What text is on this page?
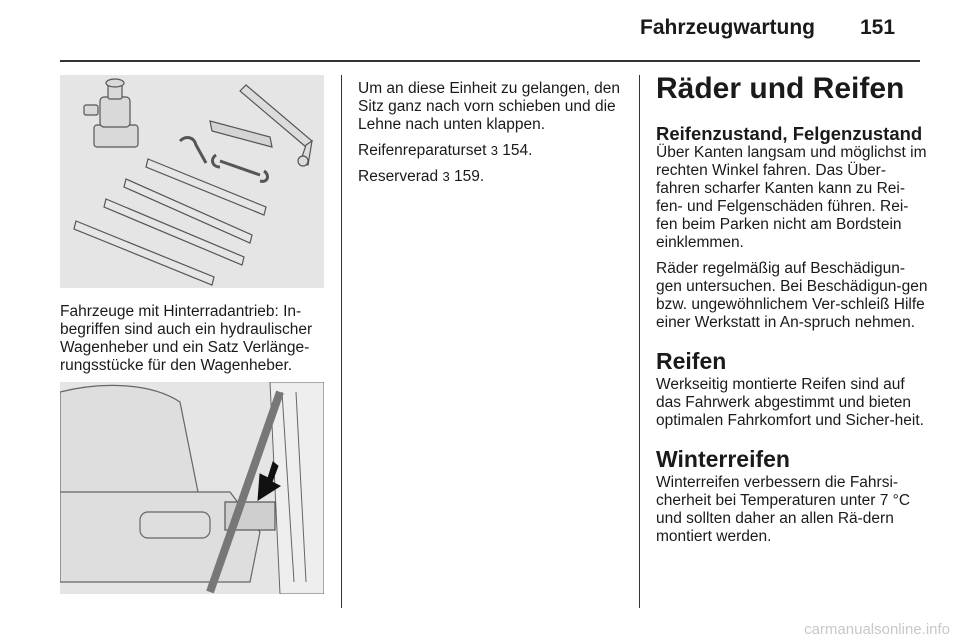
Fahrzeugwartung 151

Fahrzeuge mit Hinterradantrieb: In-begriffen sind auch ein hydraulischer Wagenheber und ein Satz Verlänge-rungsstücke für den Wagenheber.

Um an diese Einheit zu gelangen, den Sitz ganz nach vorn schieben und die Lehne nach unten klappen.

Reifenreparaturset 3 154.

Reserverad 3 159.

Räder und Reifen
Reifenzustand, Felgenzustand

Über Kanten langsam und möglichst im rechten Winkel fahren. Das Über-fahren scharfer Kanten kann zu Rei-fen- und Felgenschäden führen. Rei-fen beim Parken nicht am Bordstein einklemmen.

Räder regelmäßig auf Beschädigun-gen untersuchen. Bei Beschädigun-gen bzw. ungewöhnlichem Ver-schleiß Hilfe einer Werkstatt in An-spruch nehmen.

Reifen

Werkseitig montierte Reifen sind auf das Fahrwerk abgestimmt und bieten optimalen Fahrkomfort und Sicher-heit.

Winterreifen

Winterreifen verbessern die Fahrsi-cherheit bei Temperaturen unter 7 °C und sollten daher an allen Rä-dern montiert werden.

carmanualsonline.info
